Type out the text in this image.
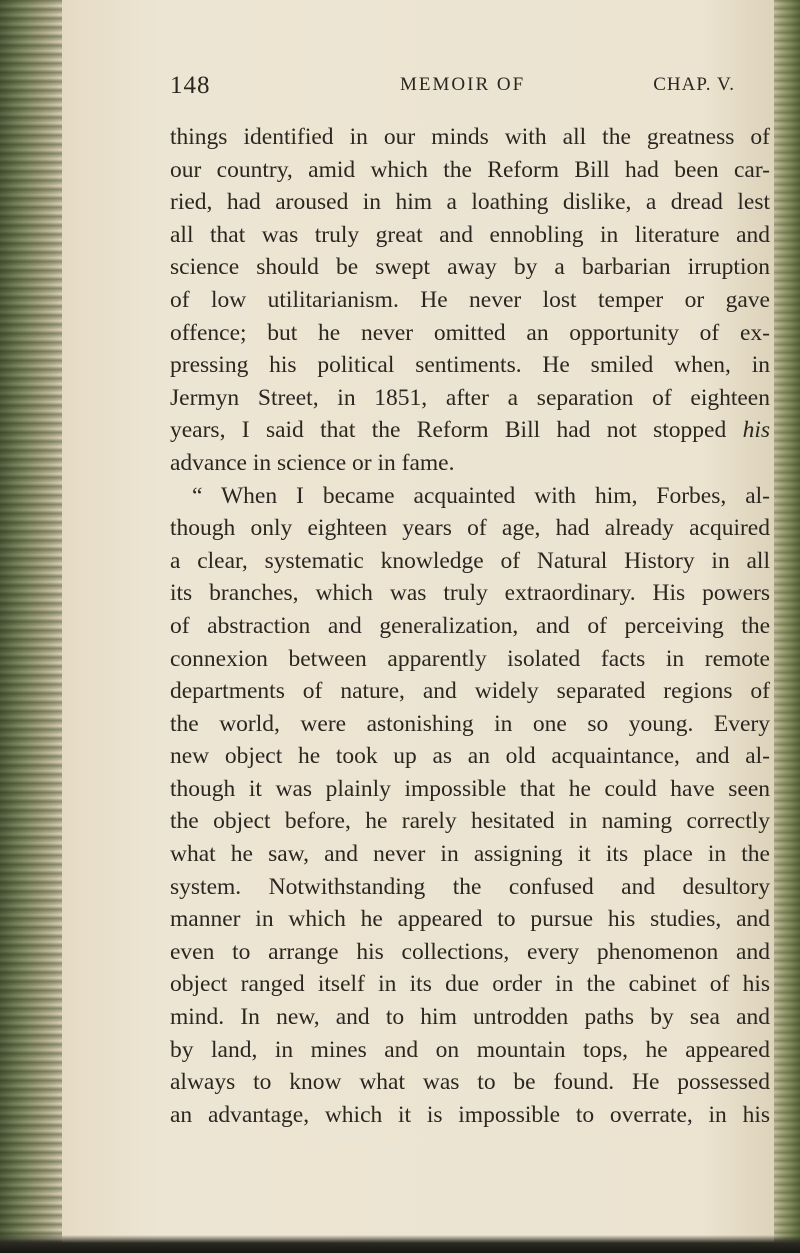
148	MEMOIR OF	CHAP. V.
things identified in our minds with all the greatness of
our country, amid which the Reform Bill had been car-
ried, had aroused in him a loathing dislike, a dread lest
all that was truly great and ennobling in literature and
science should be swept away by a barbarian irruption
of low utilitarianism. He never lost temper or gave
offence; but he never omitted an opportunity of ex-
pressing his political sentiments. He smiled when, in
Jermyn Street, in 1851, after a separation of eighteen
years, I said that the Reform Bill had not stopped his
advance in science or in fame.
“ When I became acquainted with him, Forbes, al-
though only eighteen years of age, had already acquired
a clear, systematic knowledge of Natural History in all
its branches, which was truly extraordinary. His powers
of abstraction and generalization, and of perceiving the
connexion between apparently isolated facts in remote
departments of nature, and widely separated regions of
the world, were astonishing in one so young. Every
new object he took up as an old acquaintance, and al-
though it was plainly impossible that he could have seen
the object before, he rarely hesitated in naming correctly
what he saw, and never in assigning it its place in the
system. Notwithstanding the confused and desultory
manner in which he appeared to pursue his studies, and
even to arrange his collections, every phenomenon and
object ranged itself in its due order in the cabinet of his
mind. In new, and to him untrodden paths by sea and
by land, in mines and on mountain tops, he appeared
always to know what was to be found. He possessed
an advantage, which it is impossible to overrate, in his
